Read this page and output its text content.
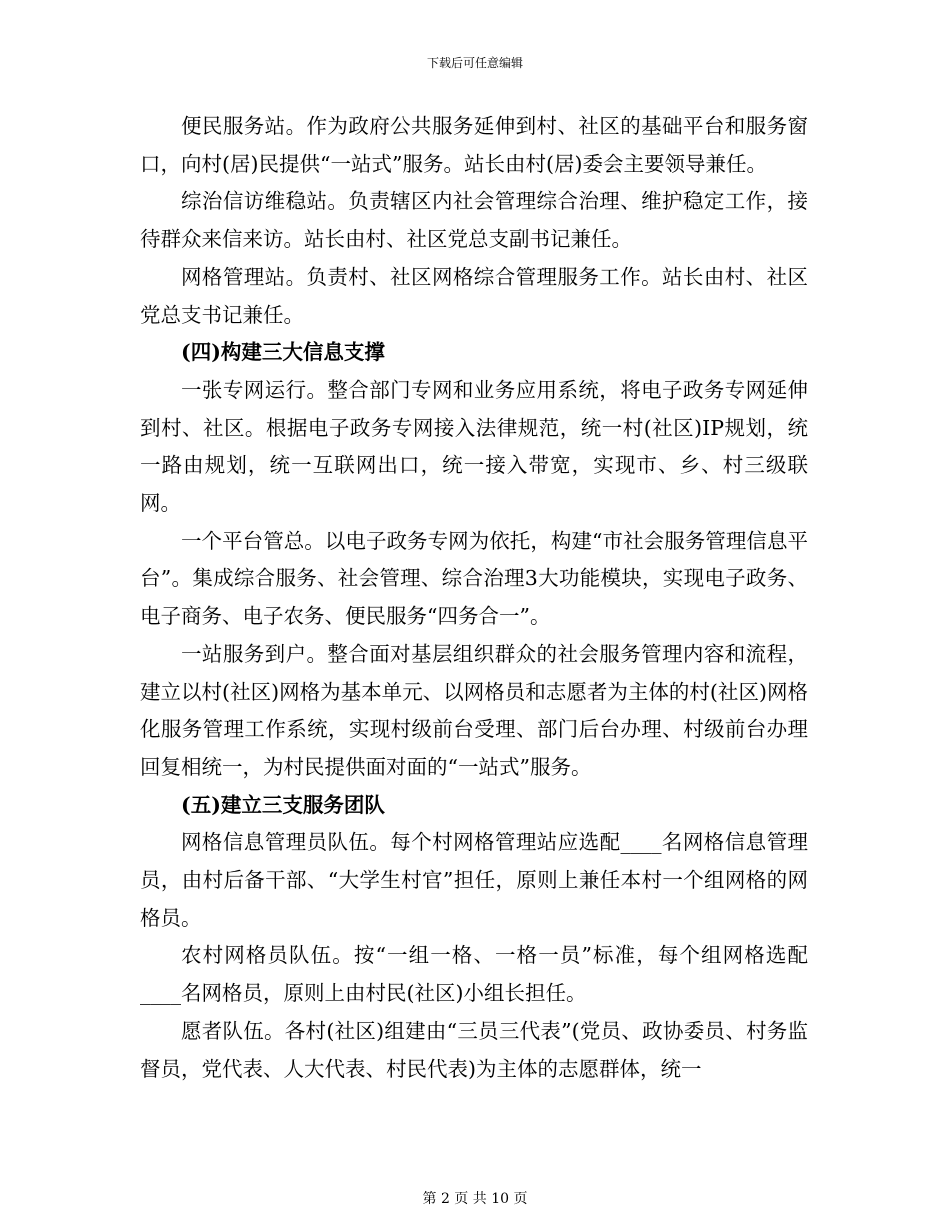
下载后可任意编辑

便民服务站。作为政府公共服务延伸到村、社区的基础平台和服务窗口，向村(居)民提供“一站式”服务。站长由村(居)委会主要领导兼任。

综治信访维稳站。负责辖区内社会管理综合治理、维护稳定工作，接待群众来信来访。站长由村、社区党总支副书记兼任。

网格管理站。负责村、社区网格综合管理服务工作。站长由村、社区党总支书记兼任。

(四)构建三大信息支撑

一张专网运行。整合部门专网和业务应用系统，将电子政务专网延伸到村、社区。根据电子政务专网接入法律规范，统一村(社区)IP规划，统一路由规划，统一互联网出口，统一接入带宽，实现市、乡、村三级联网。

一个平台管总。以电子政务专网为依托，构建“市社会服务管理信息平台”。集成综合服务、社会管理、综合治理3大功能模块，实现电子政务、电子商务、电子农务、便民服务“四务合一”。

一站服务到户。整合面对基层组织群众的社会服务管理内容和流程，建立以村(社区)网格为基本单元、以网格员和志愿者为主体的村(社区)网格化服务管理工作系统，实现村级前台受理、部门后台办理、村级前台办理回复相统一，为村民提供面对面的“一站式”服务。

(五)建立三支服务团队

网格信息管理员队伍。每个村网格管理站应选配____名网格信息管理员，由村后备干部、“大学生村官”担任，原则上兼任本村一个组网格的网格员。

农村网格员队伍。按“一组一格、一格一员”标准，每个组网格选配____名网格员，原则上由村民(社区)小组长担任。

愿者队伍。各村(社区)组建由“三员三代表”(党员、政协委员、村务监督员，党代表、人大代表、村民代表)为主体的志愿群体，统一

第 2 页 共 10 页
